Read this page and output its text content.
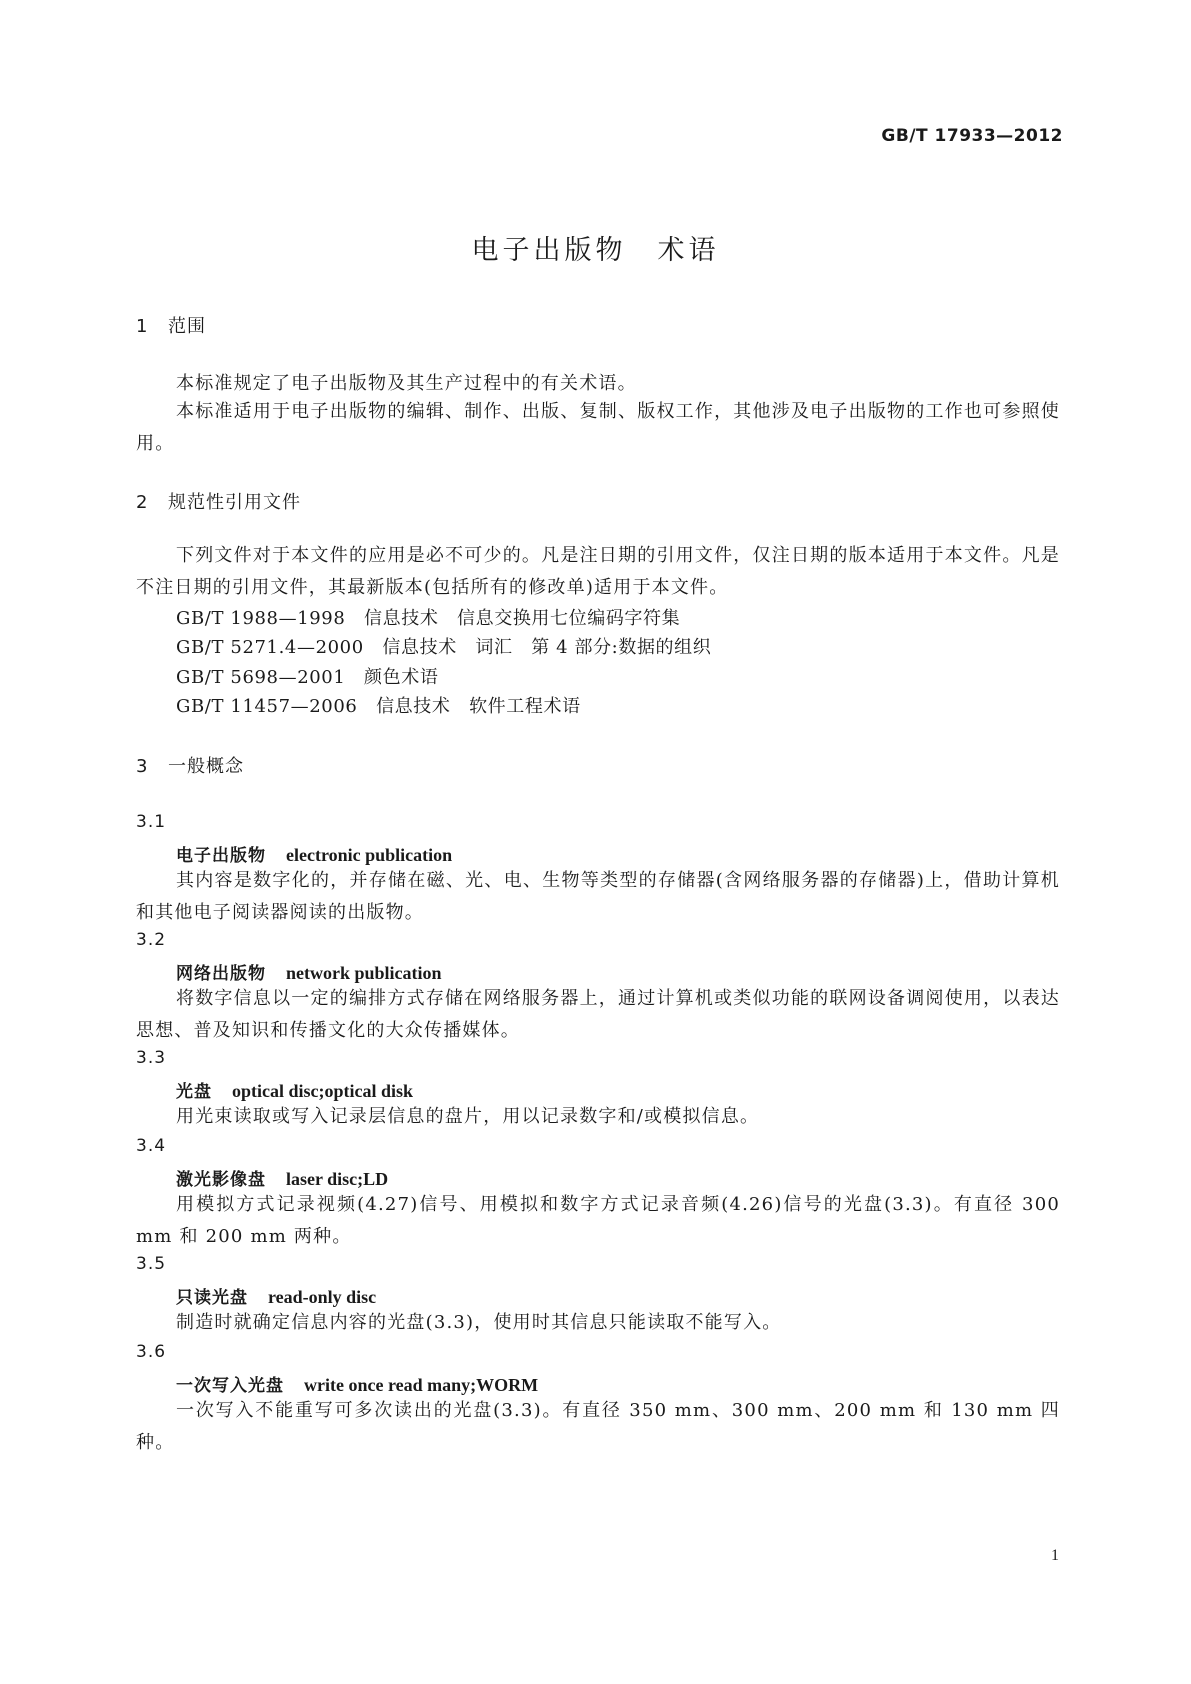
GB/T 17933—2012
电子出版物　术语
1 范围
本标准规定了电子出版物及其生产过程中的有关术语。
本标准适用于电子出版物的编辑、制作、出版、复制、版权工作，其他涉及电子出版物的工作也可参照使用。
2 规范性引用文件
下列文件对于本文件的应用是必不可少的。凡是注日期的引用文件，仅注日期的版本适用于本文件。凡是不注日期的引用文件，其最新版本(包括所有的修改单)适用于本文件。
GB/T 1988—1998　信息技术　信息交换用七位编码字符集
GB/T 5271.4—2000　信息技术　词汇　第 4 部分:数据的组织
GB/T 5698—2001　颜色术语
GB/T 11457—2006　信息技术　软件工程术语
3 一般概念
3.1
电子出版物 electronic publication
其内容是数字化的，并存储在磁、光、电、生物等类型的存储器(含网络服务器的存储器)上，借助计算机和其他电子阅读器阅读的出版物。
3.2
网络出版物 network publication
将数字信息以一定的编排方式存储在网络服务器上，通过计算机或类似功能的联网设备调阅使用，以表达思想、普及知识和传播文化的大众传播媒体。
3.3
光盘 optical disc;optical disk
用光束读取或写入记录层信息的盘片，用以记录数字和/或模拟信息。
3.4
激光影像盘 laser disc;LD
用模拟方式记录视频(4.27)信号、用模拟和数字方式记录音频(4.26)信号的光盘(3.3)。有直径 300 mm 和 200 mm 两种。
3.5
只读光盘 read-only disc
制造时就确定信息内容的光盘(3.3)，使用时其信息只能读取不能写入。
3.6
一次写入光盘 write once read many;WORM
一次写入不能重写可多次读出的光盘(3.3)。有直径 350 mm、300 mm、200 mm 和 130 mm 四种。
1
